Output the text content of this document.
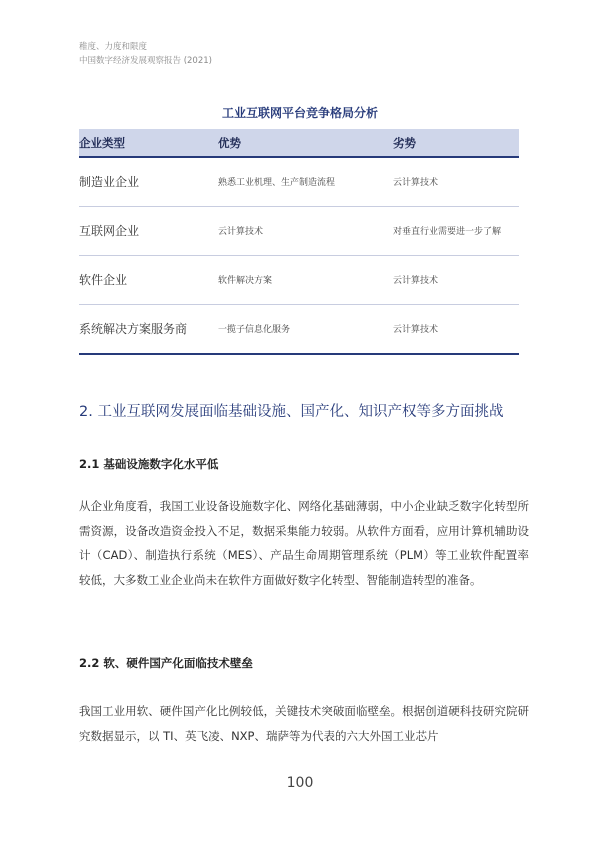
稚度、力度和限度
中国数字经济发展观察报告 (2021)
工业互联网平台竞争格局分析
企业类型	优势	劣势
制造业企业	熟悉工业机理、生产制造流程	云计算技术
互联网企业	云计算技术	对垂直行业需要进一步了解
软件企业	软件解决方案	云计算技术
系统解决方案服务商	一揽子信息化服务	云计算技术
2. 工业互联网发展面临基础设施、国产化、知识产权等多方面挑战
2.1 基础设施数字化水平低
从企业角度看，我国工业设备设施数字化、网络化基础薄弱，中小企业缺乏数字化转型所需资源，设备改造资金投入不足，数据采集能力较弱。从软件方面看，应用计算机辅助设计（CAD）、制造执行系统（MES）、产品生命周期管理系统（PLM）等工业软件配置率较低，大多数工业企业尚未在软件方面做好数字化转型、智能制造转型的准备。
2.2 软、硬件国产化面临技术壁垒
我国工业用软、硬件国产化比例较低，关键技术突破面临壁垒。根据创道硬科技研究院研究数据显示，以 TI、英飞凌、NXP、瑞萨等为代表的六大外国工业芯片
100
